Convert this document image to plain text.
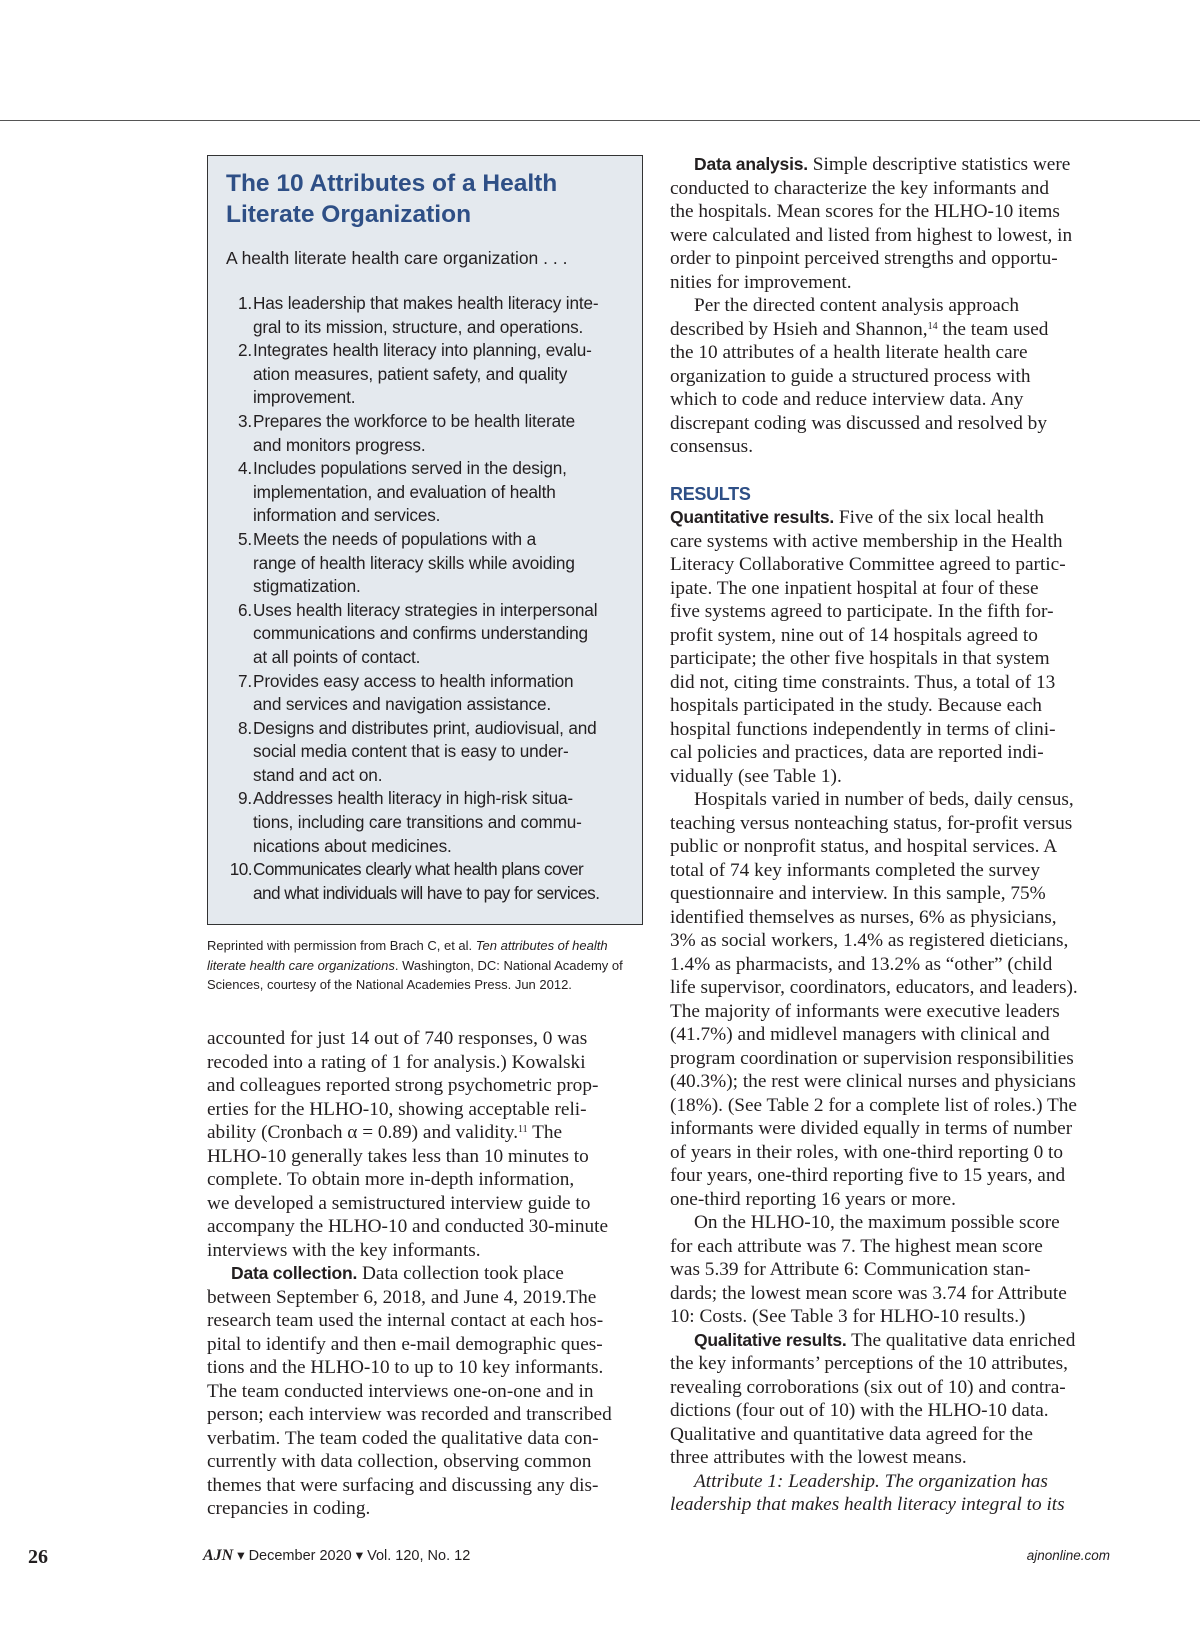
The 10 Attributes of a Health
Literate Organization

A health literate health care organization . . .

1. Has leadership that makes health literacy inte-
gral to its mission, structure, and operations.
2. Integrates health literacy into planning, evalu-
ation measures, patient safety, and quality
improvement.
3. Prepares the workforce to be health literate
and monitors progress.
4. Includes populations served in the design,
implementation, and evaluation of health
information and services.
5. Meets the needs of populations with a
range of health literacy skills while avoiding
stigmatization.
6. Uses health literacy strategies in interpersonal
communications and confirms understanding
at all points of contact.
7. Provides easy access to health information
and services and navigation assistance.
8. Designs and distributes print, audiovisual, and
social media content that is easy to under-
stand and act on.
9. Addresses health literacy in high-risk situa-
tions, including care transitions and commu-
nications about medicines.
10. Communicates clearly what health plans cover
and what individuals will have to pay for services.
Reprinted with permission from Brach C, et al. Ten attributes of health
literate health care organizations. Washington, DC: National Academy of
Sciences, courtesy of the National Academies Press. Jun 2012.

accounted for just 14 out of 740 responses, 0 was
recoded into a rating of 1 for analysis.) Kowalski
and colleagues reported strong psychometric prop-
erties for the HLHO-10, showing acceptable reli-
ability (Cronbach α = 0.89) and validity.$^{11}$ The
HLHO-10 generally takes less than 10 minutes to
complete. To obtain more in-depth information,
we developed a semistructured interview guide to
accompany the HLHO-10 and conducted 30-minute
interviews with the key informants.

Data collection. Data collection took place
between September 6, 2018, and June 4, 2019.The
research team used the internal contact at each hos-
pital to identify and then e-mail demographic ques-
tions and the HLHO-10 to up to 10 key informants.
The team conducted interviews one-on-one and in
person; each interview was recorded and transcribed
verbatim. The team coded the qualitative data con-
currently with data collection, observing common
themes that were surfacing and discussing any dis-
crepancies in coding.

Data analysis. Simple descriptive statistics were
conducted to characterize the key informants and
the hospitals. Mean scores for the HLHO-10 items
were calculated and listed from highest to lowest, in
order to pinpoint perceived strengths and opportu-
nities for improvement.

Per the directed content analysis approach
described by Hsieh and Shannon,$^{14}$ the team used
the 10 attributes of a health literate health care
organization to guide a structured process with
which to code and reduce interview data. Any
discrepant coding was discussed and resolved by
consensus.

RESULTS

Quantitative results. Five of the six local health
care systems with active membership in the Health
Literacy Collaborative Committee agreed to partic-
ipate. The one inpatient hospital at four of these
five systems agreed to participate. In the fifth for-
profit system, nine out of 14 hospitals agreed to
participate; the other five hospitals in that system
did not, citing time constraints. Thus, a total of 13
hospitals participated in the study. Because each
hospital functions independently in terms of clini-
cal policies and practices, data are reported indi-
vidually (see Table 1).

Hospitals varied in number of beds, daily census,
teaching versus nonteaching status, for-profit versus
public or nonprofit status, and hospital services. A
total of 74 key informants completed the survey
questionnaire and interview. In this sample, 75%
identified themselves as nurses, 6% as physicians,
3% as social workers, 1.4% as registered dieticians,
1.4% as pharmacists, and 13.2% as “other” (child
life supervisor, coordinators, educators, and leaders).
The majority of informants were executive leaders
(41.7%) and midlevel managers with clinical and
program coordination or supervision responsibilities
(40.3%); the rest were clinical nurses and physicians
(18%). (See Table 2 for a complete list of roles.) The
informants were divided equally in terms of number
of years in their roles, with one-third reporting 0 to
four years, one-third reporting five to 15 years, and
one-third reporting 16 years or more.

On the HLHO-10, the maximum possible score
for each attribute was 7. The highest mean score
was 5.39 for Attribute 6: Communication stan-
dards; the lowest mean score was 3.74 for Attribute
10: Costs. (See Table 3 for HLHO-10 results.)

Qualitative results. The qualitative data enriched
the key informants’ perceptions of the 10 attributes,
revealing corroborations (six out of 10) and contra-
dictions (four out of 10) with the HLHO-10 data.
Qualitative and quantitative data agreed for the
three attributes with the lowest means.

Attribute 1: Leadership. The organization has
leadership that makes health literacy integral to its

26	AJN ▾ December 2020 ▾ Vol. 120, No. 12	ajnonline.com
